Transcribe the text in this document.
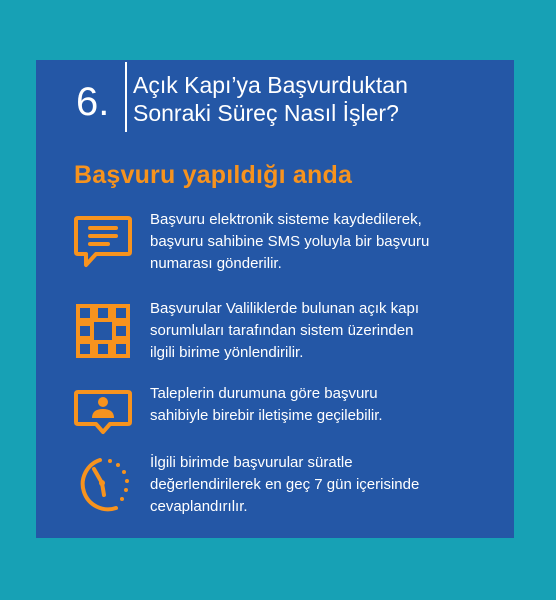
6. Açık Kapı’ya Başvurduktan
Sonraki Süreç Nasıl İşler?
Başvuru yapıldığı anda
Başvuru elektronik sisteme kaydedilerek,
başvuru sahibine SMS yoluyla bir başvuru
numarası gönderilir.
Başvurular Valiliklerde bulunan açık kapı
sorumluları tarafından sistem üzerinden
ilgili birime yönlendirilir.
Taleplerin durumuna göre başvuru
sahibiyle birebir iletişime geçilebilir.
İlgili birimde başvurular süratle
değerlendirilerek en geç 7 gün içerisinde
cevaplandırılır.
